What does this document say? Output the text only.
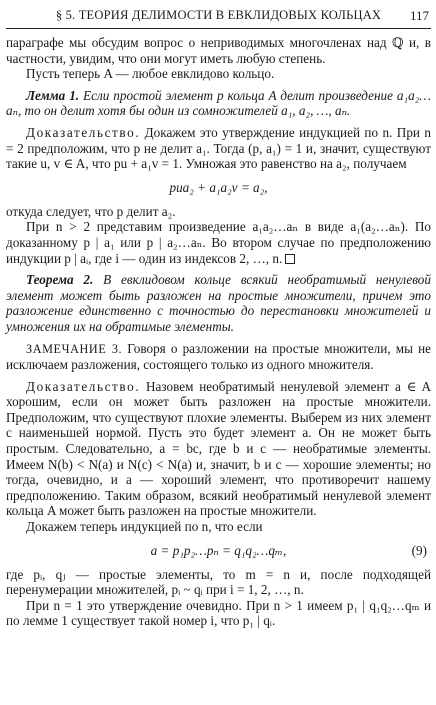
§ 5. ТЕОРИЯ ДЕЛИМОСТИ В ЕВКЛИДОВЫХ КОЛЬЦАХ	117

параграфе мы обсудим вопрос о неприводимых многочленах над ℚ и, в частности, увидим, что они могут иметь любую степень.

Пусть теперь A — любое евклидово кольцо.

Лемма 1. Если простой элемент p кольца A делит произведение a₁a₂…aₙ, то он делит хотя бы один из сомножителей a₁, a₂, …, aₙ.

Доказательство. Докажем это утверждение индукцией по n. При n = 2 предположим, что p не делит a₁. Тогда (p, a₁) = 1 и, значит, существуют такие u, v ∈ A, что pu + a₁v = 1. Умножая это равенство на a₂, получаем

pua₂ + a₁a₂v = a₂,

откуда следует, что p делит a₂.

При n > 2 представим произведение a₁a₂…aₙ в виде a₁(a₂…aₙ). По доказанному p | a₁ или p | a₂…aₙ. Во втором случае по предположению индукции p | aᵢ, где i — один из индексов 2, …, n.

Теорема 2. В евклидовом кольце всякий необратимый ненулевой элемент может быть разложен на простые множители, причем это разложение единственно с точностью до перестановки множителей и умножения их на обратимые элементы.

ЗАМЕЧАНИЕ 3. Говоря о разложении на простые множители, мы не исключаем разложения, состоящего только из одного множителя.

Доказательство. Назовем необратимый ненулевой элемент a ∈ A хорошим, если он может быть разложен на простые множители. Предположим, что существуют плохие элементы. Выберем из них элемент c наименьшей нормой. Пусть это будет элемент a. Он не может быть простым. Следовательно, a = bc, где b и c — необратимые элементы. Имеем N(b) < N(a) и N(c) < N(a) и, значит, b и c — хорошие элементы; но тогда, очевидно, и a — хороший элемент, что противоречит нашему предположению. Таким образом, всякий необратимый ненулевой элемент кольца A может быть разложен на простые множители.

Докажем теперь индукцией по n, что если

a = p₁p₂…pₙ = q₁q₂…qₘ,	(9)

где pᵢ, qⱼ — простые элементы, то m = n и, после подходящей перенумерации множителей, pᵢ ~ qᵢ при i = 1, 2, …, n.

При n = 1 это утверждение очевидно. При n > 1 имеем p₁ | q₁q₂…qₘ и по лемме 1 существует такой номер i, что p₁ | qᵢ.
